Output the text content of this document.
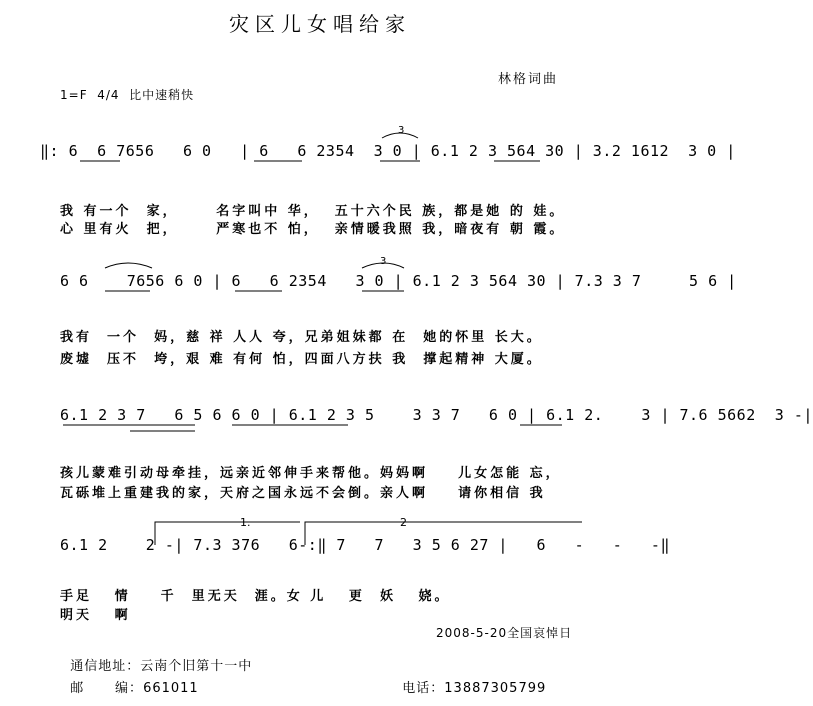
灾区儿女唱给家
林格词曲
1=F  4/4  比中速稍快
‖: 6  6 7656   6 0   | 6   6 2354  3 0 | 6.1 2 3 564 30 | 3.2 1612  3 0 |
6 6    7656 6 0 | 6   6 2354   3 0 | 6.1 2 3 564 30 | 7.3 3 7     5 6 |
6.1 2 3 7   6 5 6 6 0 | 6.1 2 3 5    3 3 7   6 0 | 6.1 2.    3 | 7.6 5662  3 -|
6.1 2    2 -| 7.3 376   6-:‖ 7   7   3 5 6 27 |   6   -   -   -‖
我 有一个  家，     名字叫中 华，  五十六个民 族，都是她 的 娃。
心 里有火  把，     严寒也不 怕，  亲情暖我照 我，暗夜有 朝 霞。
我有  一个  妈，慈 祥 人人 夸，兄弟姐妹都 在  她的怀里 长大。
废墟  压不  垮，艰 难 有何 怕，四面八方扶 我  撑起精神 大厦。
孩儿蒙难引动母牵挂，远亲近邻伸手来帮他。妈妈啊    儿女怎能 忘，
瓦砾堆上重建我的家，天府之国永远不会倒。亲人啊    请你相信 我
手足   情    千  里无天  涯。女 儿   更  妖   娆。
明天   啊
3
3
1.	2
2008-5-20全国哀悼日

通信地址：云南个旧第十一中

邮      编：661011	电话：13887305799
